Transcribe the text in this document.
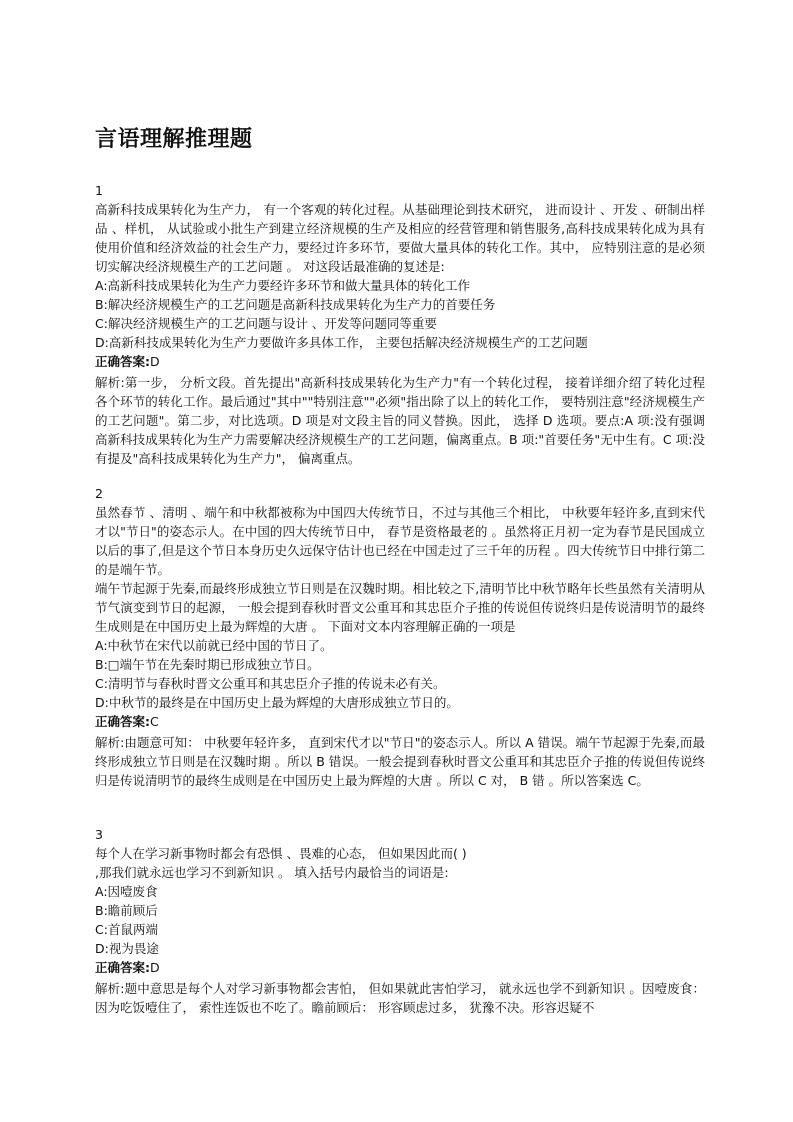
言语理解推理题
1

高新科技成果转化为生产力， 有一个客观的转化过程。从基础理论到技术研究， 进而设计 、开发 、研制出样品 、样机， 从试验或小批生产到建立经济规模的生产及相应的经营管理和销售服务,高科技成果转化成为具有使用价值和经济效益的社会生产力，要经过许多环节，要做大量具体的转化工作。其中， 应特别注意的是必须切实解决经济规模生产的工艺问题 。 对这段话最准确的复述是:

A:高新科技成果转化为生产力要经许多环节和做大量具体的转化工作

B:解决经济规模生产的工艺问题是高新科技成果转化为生产力的首要任务

C:解决经济规模生产的工艺问题与设计 、开发等问题同等重要

D:高新科技成果转化为生产力要做许多具体工作， 主要包括解决经济规模生产的工艺问题

正确答案:D

解析:第一步， 分析文段。首先提出"高新科技成果转化为生产力"有一个转化过程， 接着详细介绍了转化过程各个环节的转化工作。最后通过"其中""特别注意""必须"指出除了以上的转化工作， 要特别注意"经济规模生产的工艺问题"。第二步，对比选项。D 项是对文段主旨的同义替换。因此， 选择 D 选项。要点:A 项:没有强调高新科技成果转化为生产力需要解决经济规模生产的工艺问题，偏离重点。B 项:"首要任务"无中生有。C 项:没有提及"高科技成果转化为生产力"， 偏离重点。

2

虽然春节 、清明 、端午和中秋都被称为中国四大传统节日，不过与其他三个相比， 中秋要年轻许多,直到宋代才以"节日"的姿态示人。在中国的四大传统节日中， 春节是资格最老的 。虽然将正月初一定为春节是民国成立以后的事了,但是这个节日本身历史久远保守估计也已经在中国走过了三千年的历程 。四大传统节日中排行第二的是端午节。

端午节起源于先秦,而最终形成独立节日则是在汉魏时期。相比较之下,清明节比中秋节略年长些虽然有关清明从节气演变到节日的起源， 一般会提到春秋时晋文公重耳和其忠臣介子推的传说但传说终归是传说清明节的最终生成则是在中国历史上最为辉煌的大唐 。 下面对文本内容理解正确的一项是

A:中秋节在宋代以前就已经中国的节日了。

B:□端午节在先秦时期已形成独立节日。

C:清明节与春秋时晋文公重耳和其忠臣介子推的传说未必有关。

D:中秋节的最终是在中国历史上最为辉煌的大唐形成独立节日的。

正确答案:C

解析:由题意可知： 中秋要年轻许多， 直到宋代才以"节日"的姿态示人。所以 A 错误。端午节起源于先秦,而最终形成独立节日则是在汉魏时期 。所以 B 错误。一般会提到春秋时晋文公重耳和其忠臣介子推的传说但传说终归是传说清明节的最终生成则是在中国历史上最为辉煌的大唐 。所以 C 对， B 错 。所以答案选 C。

3

每个人在学习新事物时都会有恐惧 、畏难的心态， 但如果因此而( )

,那我们就永远也学习不到新知识 。 填入括号内最恰当的词语是:

A:因噎废食

B:瞻前顾后

C:首鼠两端

D:视为畏途

正确答案:D

解析:题中意思是每个人对学习新事物都会害怕， 但如果就此害怕学习， 就永远也学不到新知识 。因噎废食： 因为吃饭噎住了， 索性连饭也不吃了。瞻前顾后： 形容顾虑过多， 犹豫不决。形容迟疑不
